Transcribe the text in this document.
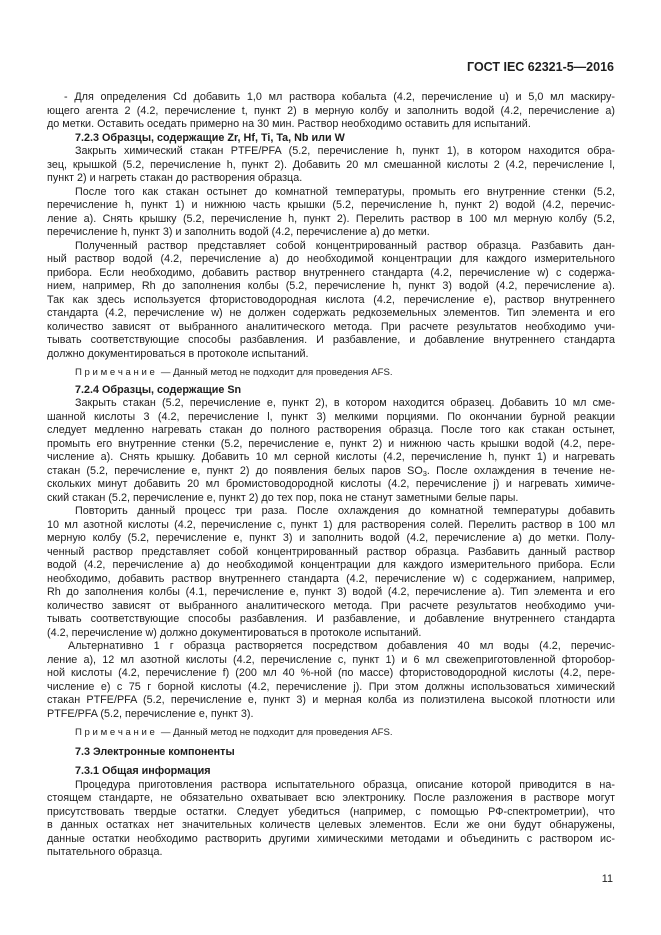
ГОСТ IEC 62321-5—2016
- Для определения Cd добавить 1,0 мл раствора кобальта (4.2, перечисление u) и 5,0 мл маскиру-
ющего агента 2 (4.2, перечисление t, пункт 2) в мерную колбу и заполнить водой (4.2, перечисление а)
до метки. Оставить оседать примерно на 30 мин. Раствор необходимо оставить для испытаний.
7.2.3 Образцы, содержащие Zr, Hf, Ti, Ta, Nb или W
Закрыть химический стакан PTFE/PFA (5.2, перечисление h, пункт 1), в котором находится обра-
зец, крышкой (5.2, перечисление h, пункт 2). Добавить 20 мл смешанной кислоты 2 (4.2, перечисление l,
пункт 2) и нагреть стакан до растворения образца.
После того как стакан остынет до комнатной температуры, промыть его внутренние стенки (5.2,
перечисление h, пункт 1) и нижнюю часть крышки (5.2, перечисление h, пункт 2) водой (4.2, перечис-
ление а). Снять крышку (5.2, перечисление h, пункт 2). Перелить раствор в 100 мл мерную колбу (5.2,
перечисление h, пункт 3) и заполнить водой (4.2, перечисление а) до метки.
Полученный раствор представляет собой концентрированный раствор образца. Разбавить дан-
ный раствор водой (4.2, перечисление а) до необходимой концентрации для каждого измерительного
прибора. Если необходимо, добавить раствор внутреннего стандарта (4.2, перечисление w) с содержа-
нием, например, Rh до заполнения колбы (5.2, перечисление h, пункт 3) водой (4.2, перечисление а).
Так как здесь используется фтористоводородная кислота (4.2, перечисление е), раствор внутреннего
стандарта (4.2, перечисление w) не должен содержать редкоземельных элементов. Тип элемента и его
количество зависят от выбранного аналитического метода. При расчете результатов необходимо учи-
тывать соответствующие способы разбавления. И разбавление, и добавление внутреннего стандарта
должно документироваться в протоколе испытаний.
П р и м е ч а н и е — Данный метод не подходит для проведения AFS.
7.2.4 Образцы, содержащие Sn
Закрыть стакан (5.2, перечисление е, пункт 2), в котором находится образец. Добавить 10 мл сме-
шанной кислоты 3 (4.2, перечисление l, пункт 3) мелкими порциями. По окончании бурной реакции
следует медленно нагревать стакан до полного растворения образца. После того как стакан остынет,
промыть его внутренние стенки (5.2, перечисление е, пункт 2) и нижнюю часть крышки водой (4.2, пере-
числение а). Снять крышку. Добавить 10 мл серной кислоты (4.2, перечисление h, пункт 1) и нагревать
стакан (5.2, перечисление е, пункт 2) до появления белых паров $SO_3$. После охлаждения в течение не-
скольких минут добавить 20 мл бромистоводородной кислоты (4.2, перечисление j) и нагревать химиче-
ский стакан (5.2, перечисление е, пункт 2) до тех пор, пока не станут заметными белые пары.
Повторить данный процесс три раза. После охлаждения до комнатной температуры добавить
10 мл азотной кислоты (4.2, перечисление с, пункт 1) для растворения солей. Перелить раствор в 100 мл
мерную колбу (5.2, перечисление е, пункт 3) и заполнить водой (4.2, перечисление а) до метки. Полу-
ченный раствор представляет собой концентрированный раствор образца. Разбавить данный раствор
водой (4.2, перечисление а) до необходимой концентрации для каждого измерительного прибора. Если
необходимо, добавить раствор внутреннего стандарта (4.2, перечисление w) с содержанием, например,
Rh до заполнения колбы (4.1, перечисление е, пункт 3) водой (4.2, перечисление а). Тип элемента и его
количество зависят от выбранного аналитического метода. При расчете результатов необходимо учи-
тывать соответствующие способы разбавления. И разбавление, и добавление внутреннего стандарта
(4.2, перечисление w) должно документироваться в протоколе испытаний.
Альтернативно 1 г образца растворяется посредством добавления 40 мл воды (4.2, перечис-
ление а), 12 мл азотной кислоты (4.2, перечисление с, пункт 1) и 6 мл свежеприготовленной фторобор-
ной кислоты (4.2, перечисление f) (200 мл 40 %-ной (по массе) фтористоводородной кислоты (4.2, пере-
числение е) с 75 г борной кислоты (4.2, перечисление j). При этом должны использоваться химический
стакан PTFE/PFA (5.2, перечисление е, пункт 3) и мерная колба из полиэтилена высокой плотности или
PTFE/PFA (5.2, перечисление е, пункт 3).
П р и м е ч а н и е — Данный метод не подходит для проведения AFS.
7.3 Электронные компоненты
7.3.1 Общая информация
Процедура приготовления раствора испытательного образца, описание которой приводится в на-
стоящем стандарте, не обязательно охватывает всю электронику. После разложения в растворе могут
присутствовать твердые остатки. Следует убедиться (например, с помощью РФ-спектрометрии), что
в данных остатках нет значительных количеств целевых элементов. Если же они будут обнаружены,
данные остатки необходимо растворить другими химическими методами и объединить с раствором ис-
пытательного образца.
11
